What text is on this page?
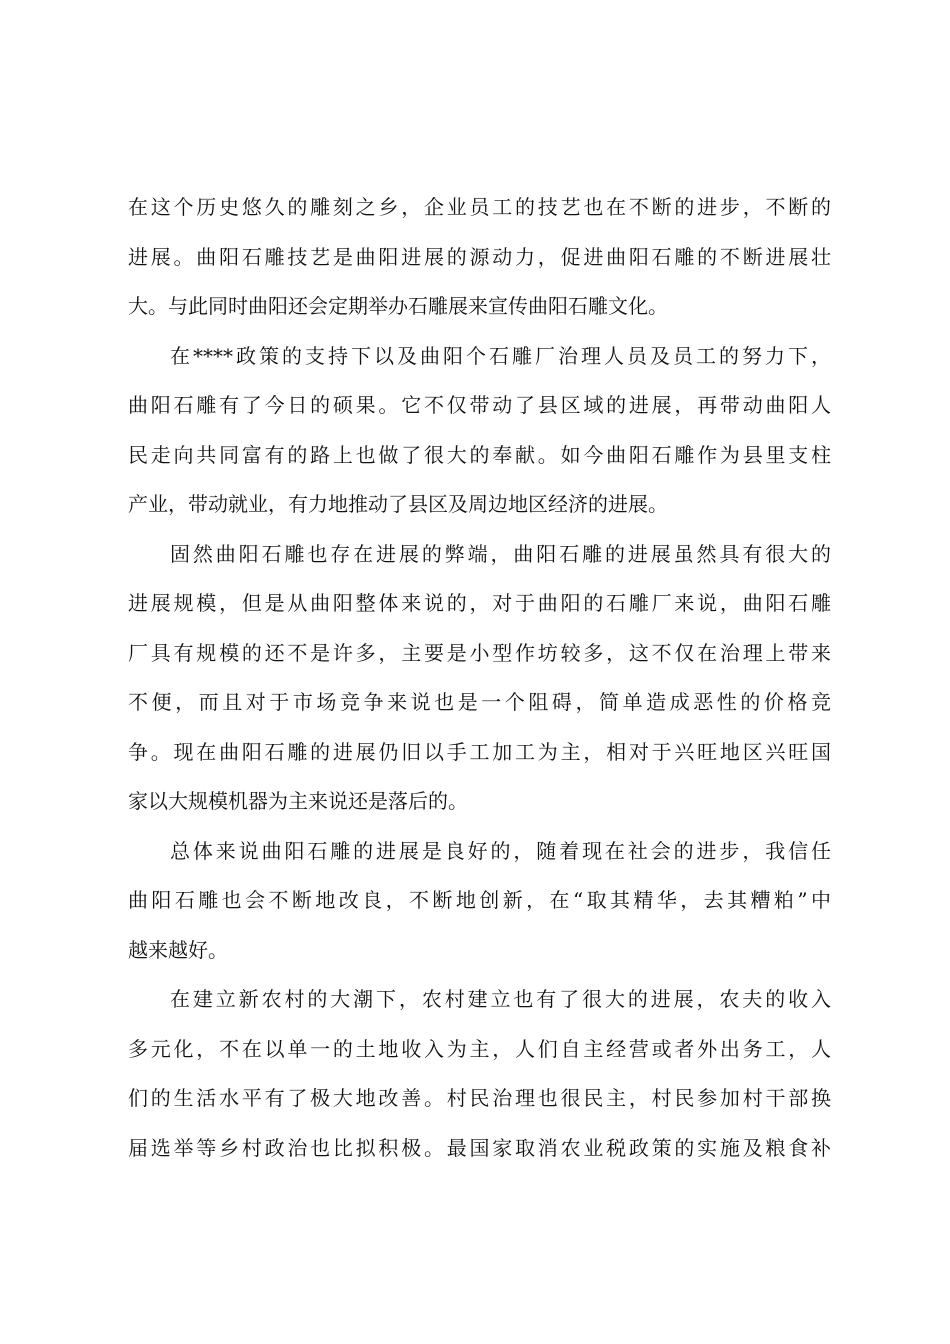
在这个历史悠久的雕刻之乡，企业员工的技艺也在不断的进步，不断的
进展。曲阳石雕技艺是曲阳进展的源动力，促进曲阳石雕的不断进展壮
大。与此同时曲阳还会定期举办石雕展来宣传曲阳石雕文化。
在****政策的支持下以及曲阳个石雕厂治理人员及员工的努力下，
曲阳石雕有了今日的硕果。它不仅带动了县区域的进展，再带动曲阳人
民走向共同富有的路上也做了很大的奉献。如今曲阳石雕作为县里支柱
产业，带动就业，有力地推动了县区及周边地区经济的进展。
固然曲阳石雕也存在进展的弊端，曲阳石雕的进展虽然具有很大的
进展规模，但是从曲阳整体来说的，对于曲阳的石雕厂来说，曲阳石雕
厂具有规模的还不是许多，主要是小型作坊较多，这不仅在治理上带来
不便，而且对于市场竞争来说也是一个阻碍，简单造成恶性的价格竞
争。现在曲阳石雕的进展仍旧以手工加工为主，相对于兴旺地区兴旺国
家以大规模机器为主来说还是落后的。
总体来说曲阳石雕的进展是良好的，随着现在社会的进步，我信任
曲阳石雕也会不断地改良，不断地创新，在“取其精华，去其糟粕”中
越来越好。
在建立新农村的大潮下，农村建立也有了很大的进展，农夫的收入
多元化，不在以单一的土地收入为主，人们自主经营或者外出务工，人
们的生活水平有了极大地改善。村民治理也很民主，村民参加村干部换
届选举等乡村政治也比拟积极。最国家取消农业税政策的实施及粮食补
